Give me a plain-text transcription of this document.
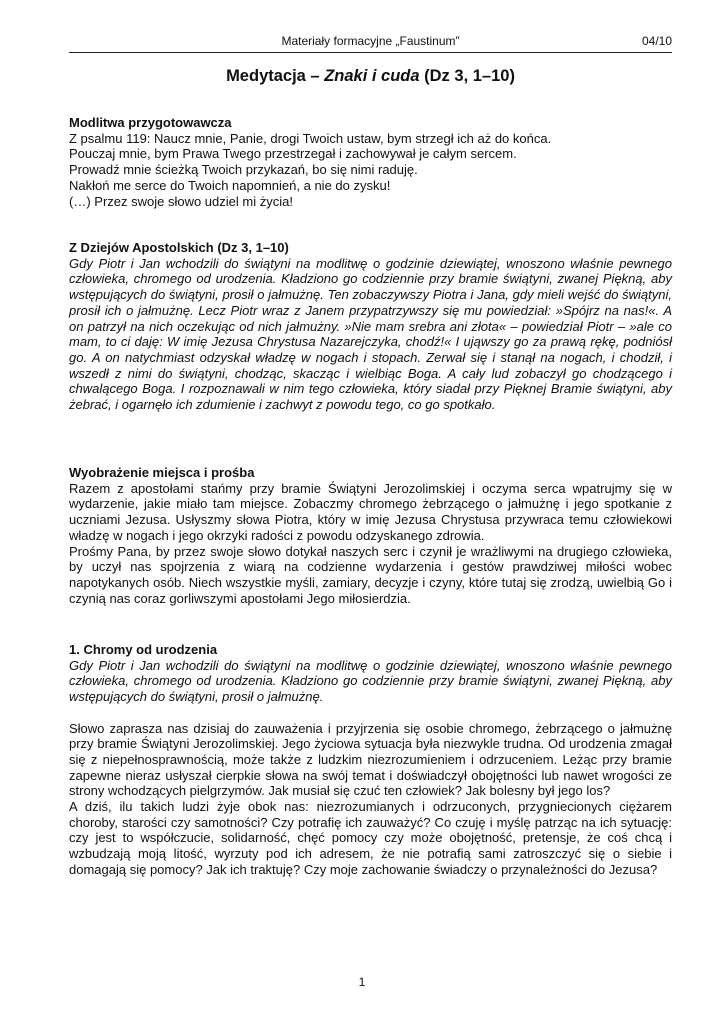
Materiały formacyjne „Faustinum”	04/10
Medytacja – Znaki i cuda (Dz 3, 1–10)
Modlitwa przygotowawcza

Z psalmu 119: Naucz mnie, Panie, drogi Twoich ustaw, bym strzegł ich aż do końca.

Pouczaj mnie, bym Prawa Twego przestrzegał i zachowywał je całym sercem.

Prowadź mnie ścieżką Twoich przykazań, bo się nimi raduję.

Nakłoń me serce do Twoich napomnień, a nie do zysku!

(…) Przez swoje słowo udziel mi życia!

Z Dziejów Apostolskich (Dz 3, 1–10)

Gdy Piotr i Jan wchodzili do świątyni na modlitwę o godzinie dziewiątej, wnoszono właśnie pewnego człowieka, chromego od urodzenia. Kładziono go codziennie przy bramie świątyni, zwanej Piękną, aby wstępujących do świątyni, prosił o jałmużnę. Ten zobaczywszy Piotra i Jana, gdy mieli wejść do świątyni, prosił ich o jałmużnę. Lecz Piotr wraz z Janem przypatrzywszy się mu powiedział: »Spójrz na nas!«. A on patrzył na nich oczekując od nich jałmużny. »Nie mam srebra ani złota« – powiedział Piotr – »ale co mam, to ci daję: W imię Jezusa Chrystusa Nazarejczyka, chodź!« I ująwszy go za prawą rękę, podniósł go. A on natychmiast odzyskał władzę w nogach i stopach. Zerwał się i stanął na nogach, i chodził, i wszedł z nimi do świątyni, chodząc, skacząc i wielbiąc Boga. A cały lud zobaczył go chodzącego i chwalącego Boga. I rozpoznawali w nim tego człowieka, który siadał przy Pięknej Bramie świątyni, aby żebrać, i ogarnęło ich zdumienie i zachwyt z powodu tego, co go spotkało.

Wyobrażenie miejsca i prośba

Razem z apostołami stańmy przy bramie Świątyni Jerozolimskiej i oczyma serca wpatrujmy się w wydarzenie, jakie miało tam miejsce. Zobaczmy chromego żebrzącego o jałmużnę i jego spotkanie z uczniami Jezusa. Usłyszmy słowa Piotra, który w imię Jezusa Chrystusa przywraca temu człowiekowi władzę w nogach i jego okrzyki radości z powodu odzyskanego zdrowia.

Prośmy Pana, by przez swoje słowo dotykał naszych serc i czynił je wrażliwymi na drugiego człowieka, by uczył nas spojrzenia z wiarą na codzienne wydarzenia i gestów prawdziwej miłości wobec napotykanych osób. Niech wszystkie myśli, zamiary, decyzje i czyny, które tutaj się zrodzą, uwielbią Go i czynią nas coraz gorliwszymi apostołami Jego miłosierdzia.

1. Chromy od urodzenia

Gdy Piotr i Jan wchodzili do świątyni na modlitwę o godzinie dziewiątej, wnoszono właśnie pewnego człowieka, chromego od urodzenia. Kładziono go codziennie przy bramie świątyni, zwanej Piękną, aby wstępujących do świątyni, prosił o jałmużnę.

Słowo zaprasza nas dzisiaj do zauważenia i przyjrzenia się osobie chromego, żebrzącego o jałmużnę przy bramie Świątyni Jerozolimskiej. Jego życiowa sytuacja była niezwykle trudna. Od urodzenia zmagał się z niepełnosprawnością, może także z ludzkim niezrozumieniem i odrzuceniem. Leżąc przy bramie zapewne nieraz usłyszał cierpkie słowa na swój temat i doświadczył obojętności lub nawet wrogości ze strony wchodzących pielgrzymów. Jak musiał się czuć ten człowiek? Jak bolesny był jego los?

A dziś, ilu takich ludzi żyje obok nas: niezrozumianych i odrzuconych, przygniecionych ciężarem choroby, starości czy samotności? Czy potrafię ich zauważyć? Co czuję i myślę patrząc na ich sytuację: czy jest to współczucie, solidarność, chęć pomocy czy może obojętność, pretensje, że coś chcą i wzbudzają moją litość, wyrzuty pod ich adresem, że nie potrafią sami zatroszczyć się o siebie i domagają się pomocy? Jak ich traktuję? Czy moje zachowanie świadczy o przynależności do Jezusa?

1
